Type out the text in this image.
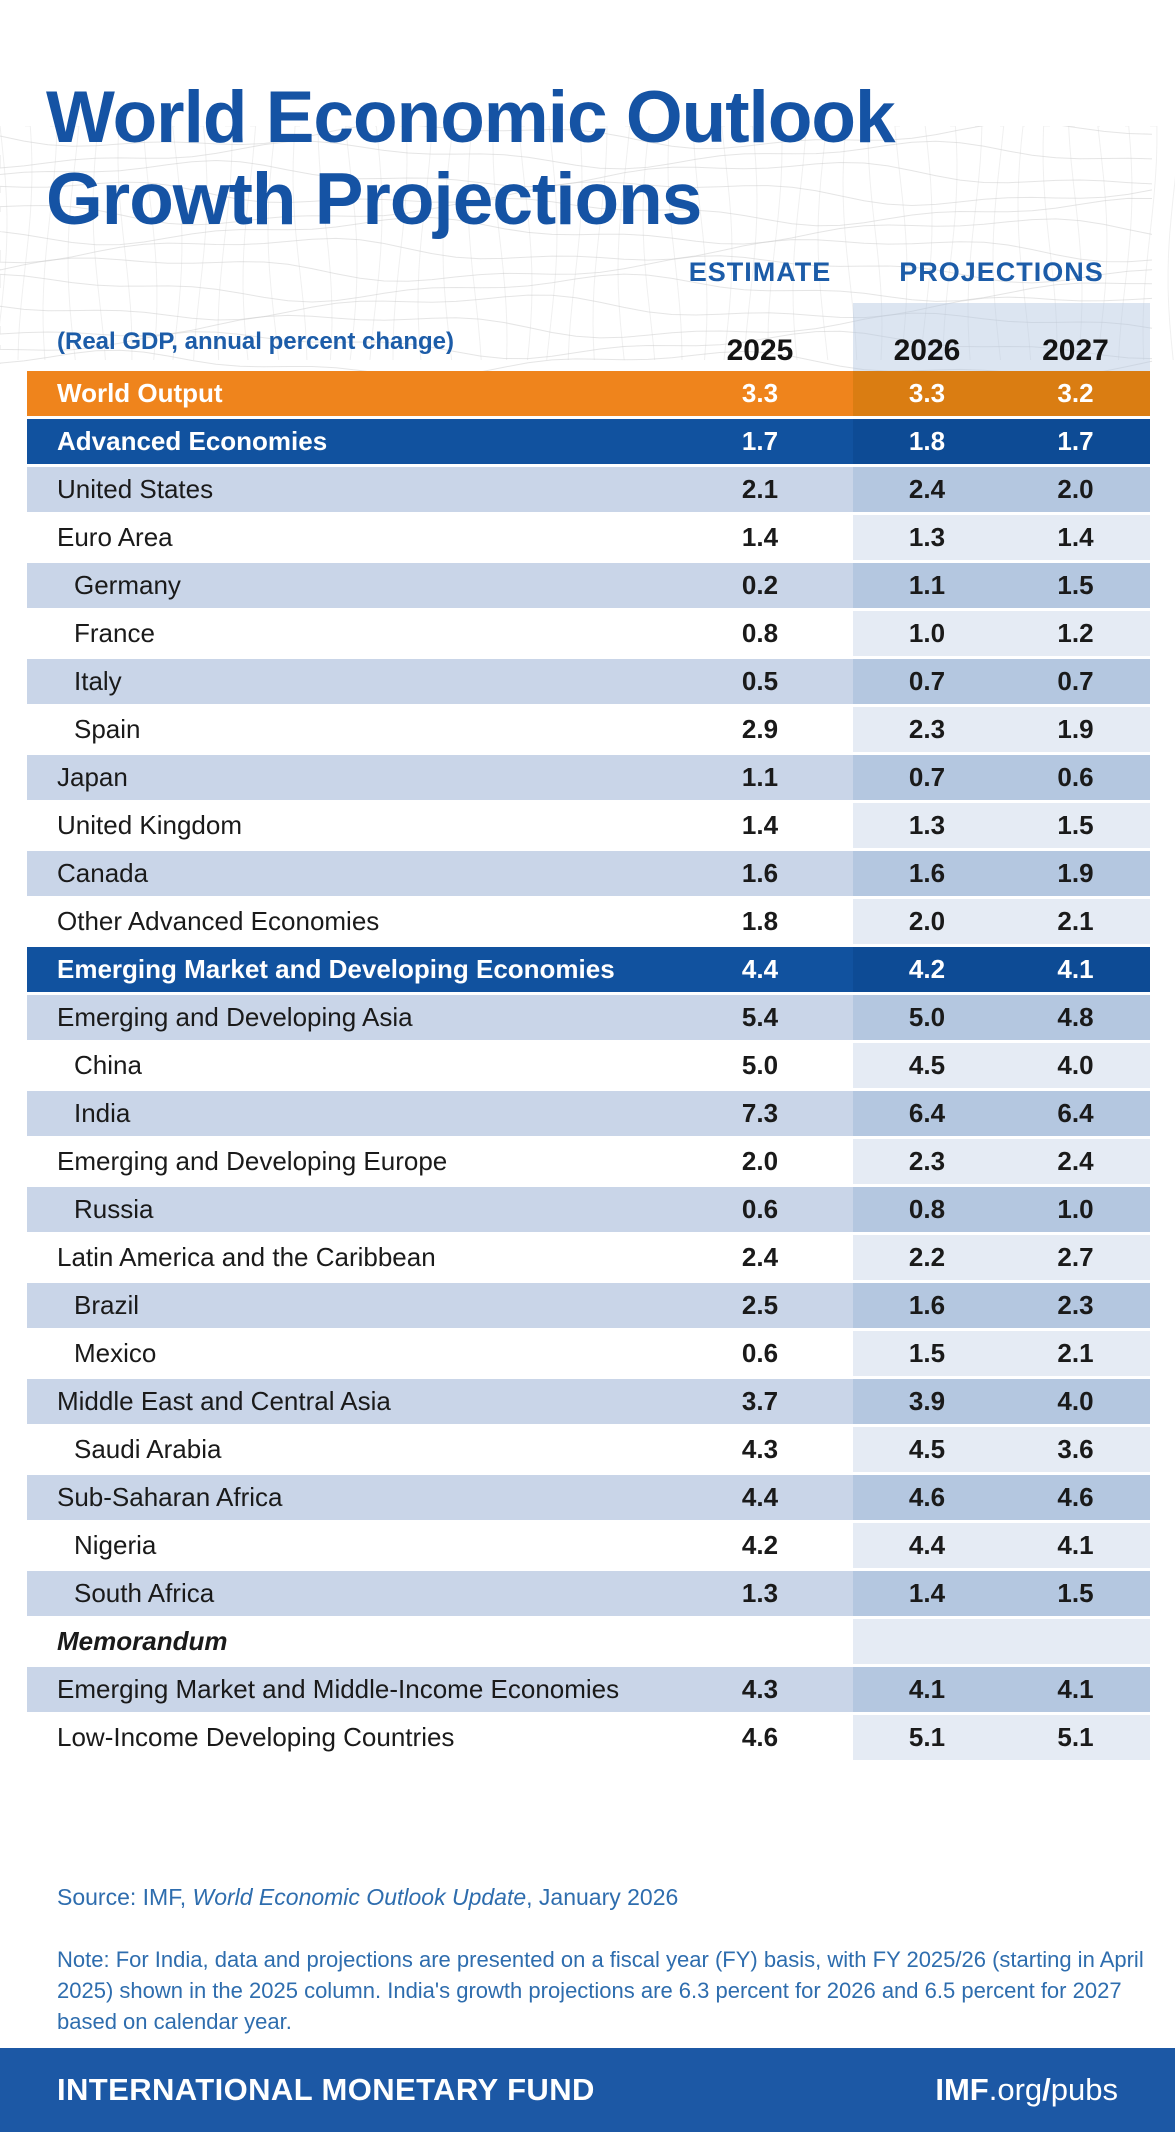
World Economic Outlook
Growth Projections
ESTIMATE	PROJECTIONS
(Real GDP, annual percent change)	2025	2026	2027
World Output	3.3	3.3	3.2
Advanced Economies	1.7	1.8	1.7
United States	2.1	2.4	2.0
Euro Area	1.4	1.3	1.4
Germany	0.2	1.1	1.5
France	0.8	1.0	1.2
Italy	0.5	0.7	0.7
Spain	2.9	2.3	1.9
Japan	1.1	0.7	0.6
United Kingdom	1.4	1.3	1.5
Canada	1.6	1.6	1.9
Other Advanced Economies	1.8	2.0	2.1
Emerging Market and Developing Economies	4.4	4.2	4.1
Emerging and Developing Asia	5.4	5.0	4.8
China	5.0	4.5	4.0
India	7.3	6.4	6.4
Emerging and Developing Europe	2.0	2.3	2.4
Russia	0.6	0.8	1.0
Latin America and the Caribbean	2.4	2.2	2.7
Brazil	2.5	1.6	2.3
Mexico	0.6	1.5	2.1
Middle East and Central Asia	3.7	3.9	4.0
Saudi Arabia	4.3	4.5	3.6
Sub-Saharan Africa	4.4	4.6	4.6
Nigeria	4.2	4.4	4.1
South Africa	1.3	1.4	1.5
Memorandum
Emerging Market and Middle-Income Economies	4.3	4.1	4.1
Low-Income Developing Countries	4.6	5.1	5.1

Source: IMF, World Economic Outlook Update, January 2026

Note: For India, data and projections are presented on a fiscal year (FY) basis, with FY 2025/26 (starting in April 2025) shown in the 2025 column. India's growth projections are 6.3 percent for 2026 and 6.5 percent for 2027 based on calendar year.

INTERNATIONAL MONETARY FUND	IMF.org/pubs
